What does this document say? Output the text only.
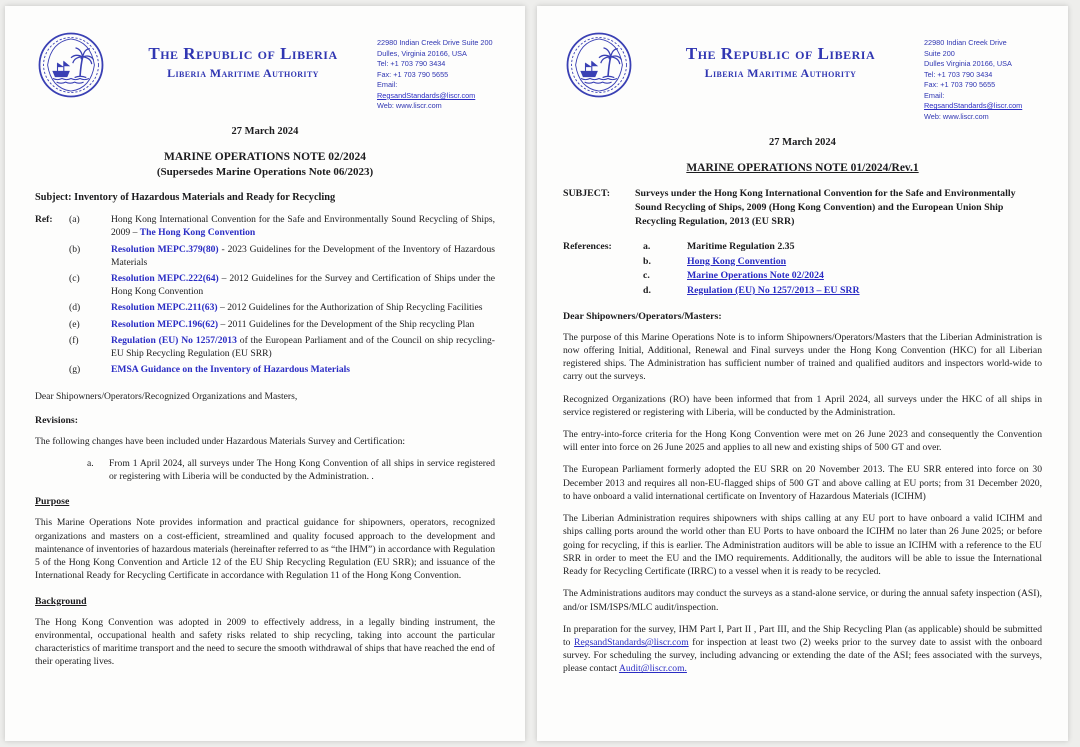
The Republic of Liberia
Liberia Maritime Authority
22980 Indian Creek Drive Suite 200
Dulles, Virginia 20166, USA
Tel: +1 703 790 3434
Fax: +1 703 790 5655
Email: RegsandStandards@liscr.com
Web: www.liscr.com
27 March 2024
MARINE OPERATIONS NOTE 02/2024
(Supersedes Marine Operations Note 06/2023)
Subject: Inventory of Hazardous Materials and Ready for Recycling
Ref:	(a)	Hong Kong International Convention for the Safe and Environmentally Sound Recycling of Ships, 2009 – The Hong Kong Convention
(b)	Resolution MEPC.379(80) - 2023 Guidelines for the Development of the Inventory of Hazardous Materials
(c)	Resolution MEPC.222(64) – 2012 Guidelines for the Survey and Certification of Ships under the Hong Kong Convention
(d)	Resolution MEPC.211(63) – 2012 Guidelines for the Authorization of Ship Recycling Facilities
(e)	Resolution MEPC.196(62) – 2011 Guidelines for the Development of the Ship recycling Plan
(f)	Regulation (EU) No 1257/2013 of the European Parliament and of the Council on ship recycling- EU Ship Recycling Regulation (EU SRR)
(g)	EMSA Guidance on the Inventory of Hazardous Materials
Dear Shipowners/Operators/Recognized Organizations and Masters,
Revisions:

The following changes have been included under Hazardous Materials Survey and Certification:

a.	From 1 April 2024, all surveys under The Hong Kong Convention of all ships in service registered or registering with Liberia will be conducted by the Administration. .
Purpose

This Marine Operations Note provides information and practical guidance for shipowners, operators, recognized organizations and masters on a cost-efficient, streamlined and quality focused approach to the development and maintenance of inventories of hazardous materials (hereinafter referred to as “the IHM”) in accordance with Regulation 5 of the Hong Kong Convention and Article 12 of the EU Ship Recycling Regulation (EU SRR); and issuance of the International Ready for Recycling Certificate in accordance with Regulation 11 of the Hong Kong Convention.

Background

The Hong Kong Convention was adopted in 2009 to effectively address, in a legally binding instrument, the environmental, occupational health and safety risks related to ship recycling, taking into account the particular characteristics of maritime transport and the need to secure the smooth withdrawal of ships that have reached the end of their operating lives.

The Republic of Liberia
Liberia Maritime Authority
22980 Indian Creek Drive
Suite 200
Dulles Virginia 20166, USA
Tel: +1 703 790 3434
Fax: +1 703 790 5655
Email: RegsandStandards@liscr.com
Web: www.liscr.com
27 March 2024
MARINE OPERATIONS NOTE 01/2024/Rev.1
SUBJECT:	Surveys under the Hong Kong International Convention for the Safe and Environmentally Sound Recycling of Ships, 2009 (Hong Kong Convention) and the European Union Ship Recycling Regulation, 2013 (EU SRR)
References:	a.	Maritime Regulation 2.35
b.	Hong Kong Convention
c.	Marine Operations Note 02/2024
d.	Regulation (EU) No 1257/2013 – EU SRR
Dear Shipowners/Operators/Masters:

The purpose of this Marine Operations Note is to inform Shipowners/Operators/Masters that the Liberian Administration is now offering Initial, Additional, Renewal and Final surveys under the Hong Kong Convention (HKC) for all Liberian registered ships. The Administration has sufficient number of trained and qualified auditors and inspectors world-wide to carry out the surveys.

Recognized Organizations (RO) have been informed that from 1 April 2024, all surveys under the HKC of all ships in service registered or registering with Liberia, will be conducted by the Administration.

The entry-into-force criteria for the Hong Kong Convention were met on 26 June 2023 and consequently the Convention will enter into force on 26 June 2025 and applies to all new and existing ships of 500 GT and over.

The European Parliament formerly adopted the EU SRR on 20 November 2013. The EU SRR entered into force on 30 December 2013 and requires all non-EU-flagged ships of 500 GT and above calling at EU ports; from 31 December 2020, to have onboard a valid international certificate on Inventory of Hazardous Materials (ICIHM)

The Liberian Administration requires shipowners with ships calling at any EU port to have onboard a valid ICIHM and ships calling ports around the world other than EU Ports to have onboard the ICIHM no later than 26 June 2025; or before going for recycling, if this is earlier. The Administration auditors will be able to issue an ICIHM with a reference to the EU SRR in order to meet the EU and the IMO requirements. Additionally, the auditors will be able to issue the International Ready for Recycling Certificate (IRRC) to a vessel when it is ready to be recycled.

The Administrations auditors may conduct the surveys as a stand-alone service, or during the annual safety inspection (ASI), and/or ISM/ISPS/MLC audit/inspection.

In preparation for the survey, IHM Part I, Part II , Part III, and the Ship Recycling Plan (as applicable) should be submitted to RegsandStandards@liscr.com for inspection at least two (2) weeks prior to the survey date to assist with the onboard survey. For scheduling the survey, including advancing or extending the date of the ASI; fees associated with the surveys, please contact Audit@liscr.com.
